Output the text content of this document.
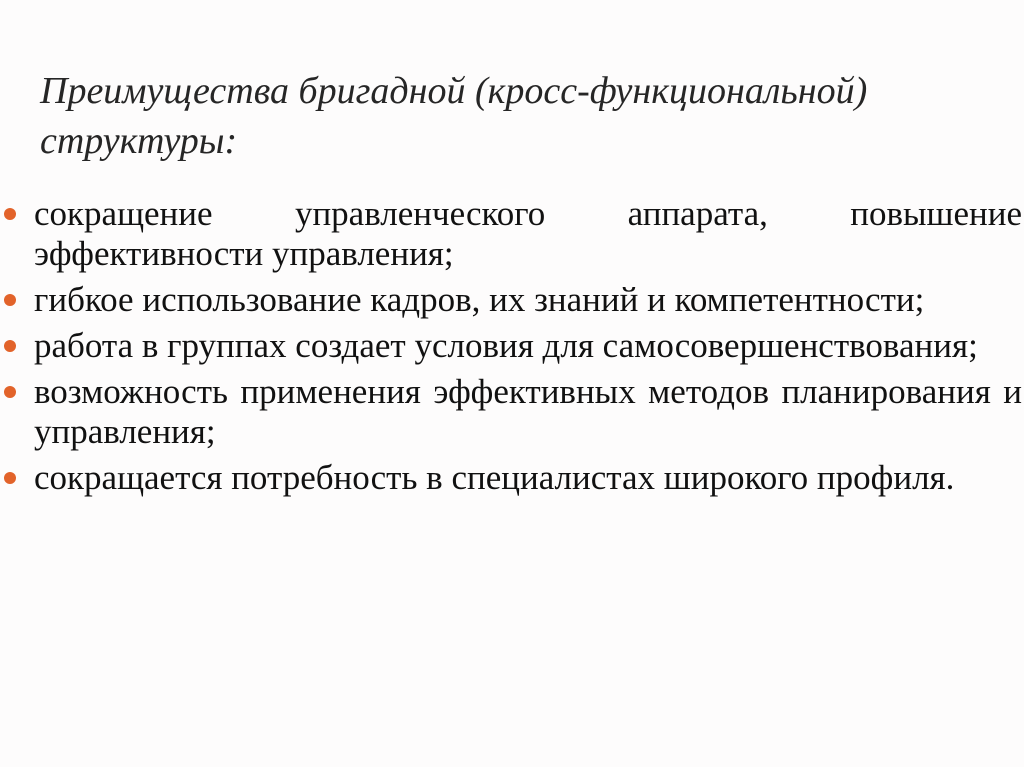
Преимущества бригадной (кросс-функциональной) структуры:
сокращение управленческого аппарата, повышение эффективности управления;
гибкое использование кадров, их знаний и компетентности;
работа в группах создает условия для самосовершенствования;
возможность применения эффективных методов планирования и управления;
сокращается потребность в специалистах широкого профиля.
